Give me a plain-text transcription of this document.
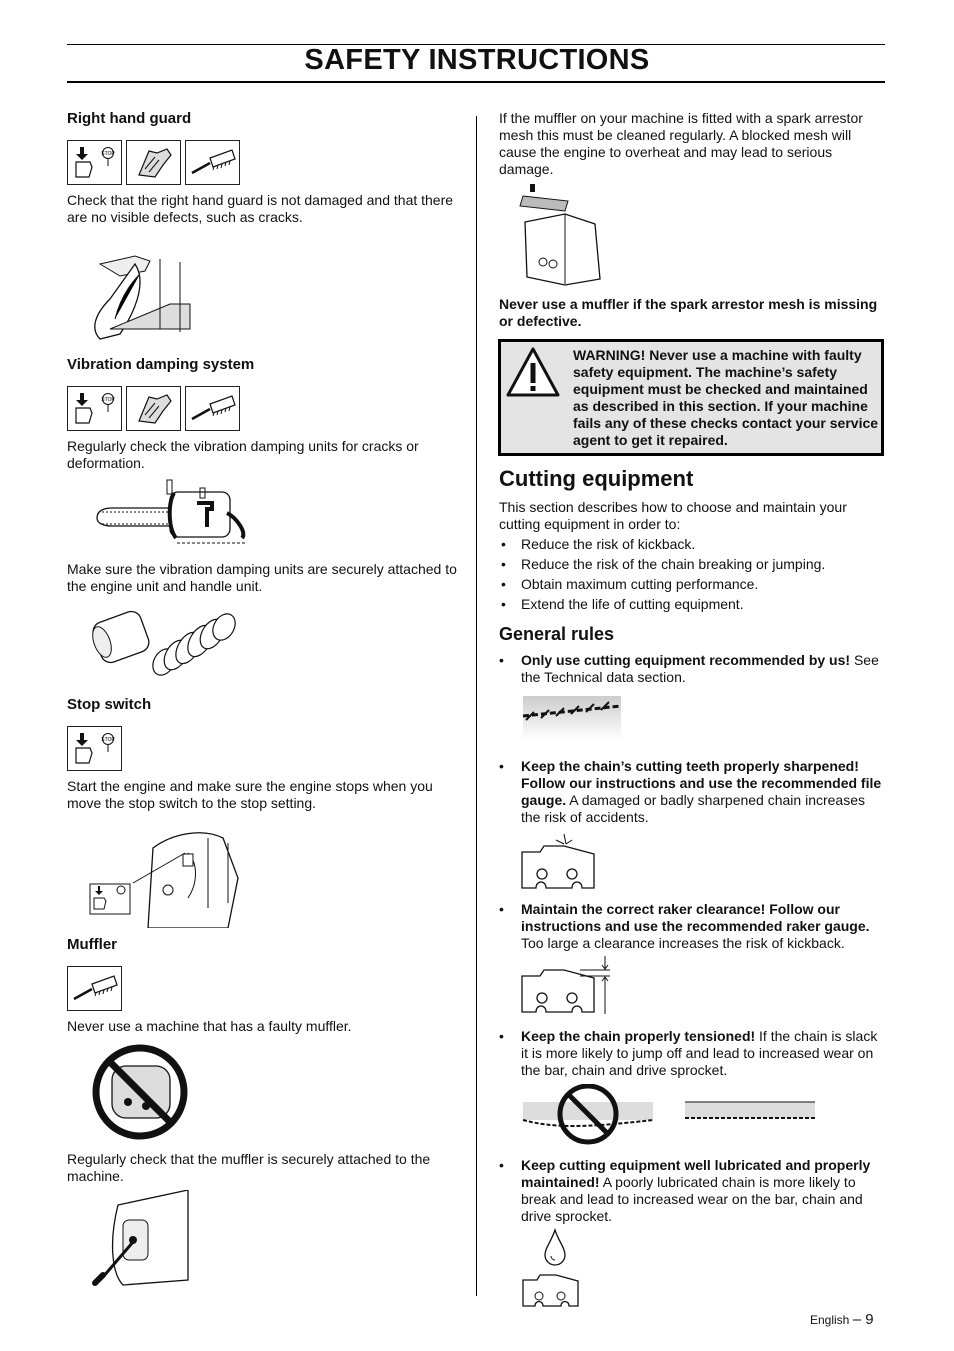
SAFETY INSTRUCTIONS
Right hand guard
STOP
Check that the right hand guard is not damaged and that there are no visible defects, such as cracks.
Vibration damping system
STOP
Regularly check the vibration damping units for cracks or deformation.
Make sure the vibration damping units are securely attached to the engine unit and handle unit.
Stop switch
STOP
Start the engine and make sure the engine stops when you move the stop switch to the stop setting.
Muffler
Never use a machine that has a faulty muffler.
Regularly check that the muffler is securely attached to the machine.
If the muffler on your machine is fitted with a spark arrestor mesh this must be cleaned regularly. A blocked mesh will cause the engine to overheat and may lead to serious damage.
Never use a muffler if the spark arrestor mesh is missing or defective.
WARNING! Never use a machine with faulty safety equipment. The machine’s safety equipment must be checked and maintained as described in this section. If your machine fails any of these checks contact your service agent to get it repaired.
Cutting equipment
This section describes how to choose and maintain your cutting equipment in order to:
• Reduce the risk of kickback.
• Reduce the risk of the chain breaking or jumping.
• Obtain maximum cutting performance.
• Extend the life of cutting equipment.
General rules
• Only use cutting equipment recommended by us! See the Technical data section.
• Keep the chain’s cutting teeth properly sharpened! Follow our instructions and use the recommended file gauge. A damaged or badly sharpened chain increases the risk of accidents.
• Maintain the correct raker clearance! Follow our instructions and use the recommended raker gauge. Too large a clearance increases the risk of kickback.
• Keep the chain properly tensioned! If the chain is slack it is more likely to jump off and lead to increased wear on the bar, chain and drive sprocket.
• Keep cutting equipment well lubricated and properly maintained! A poorly lubricated chain is more likely to break and lead to increased wear on the bar, chain and drive sprocket.
English – 9
